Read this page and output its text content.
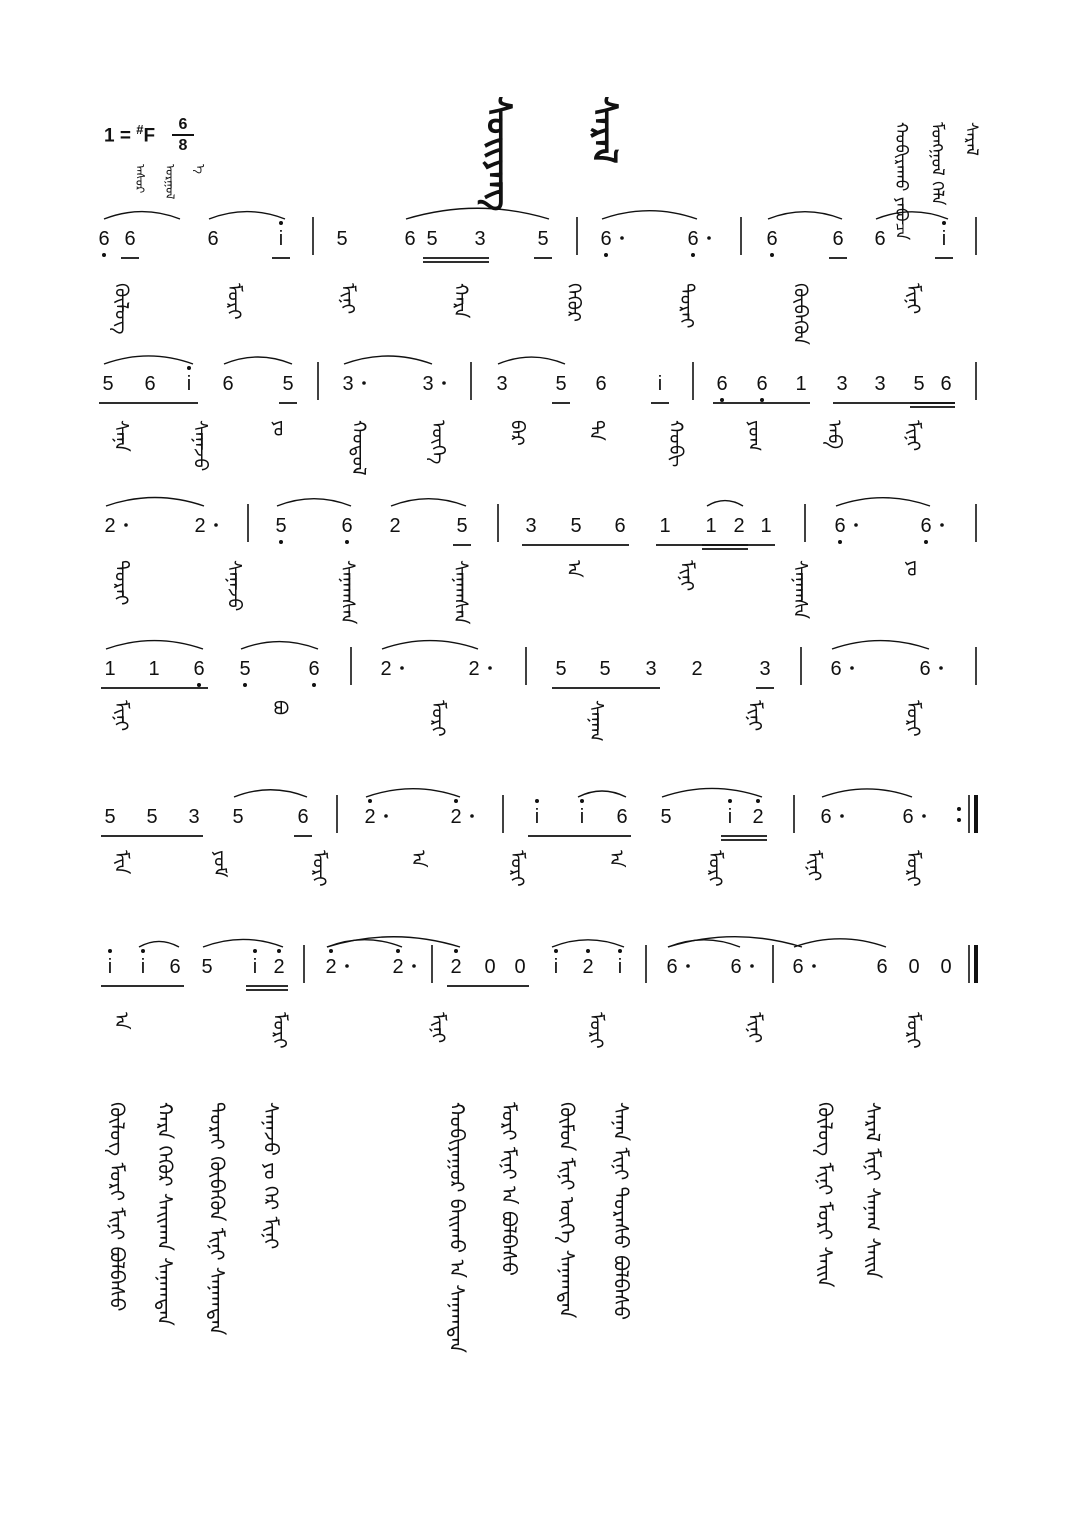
1 = #F
6
8
ᠠᠰᠤᠷ	ᠤᠷᠭᠤᠯ	ᠡ	ᠰᠤᠢᠶᠠᠩ ᠰᠠᠷᠠᠯ	ᠰᠠᠷᠠᠯ
ᠮᠣᠩᠭᠤᠯ ᠬᠡᠯᠡ
ᠬᠤᠪᠢᠷᠠᠬᠤ ᠶᠠᠪᠤᠴᠠ
6 6	6	i	5	6 5 3	5	6	6	6	6 6	i
5 6 i 6 5 3	3	3 5 6	i	6 6 1 3 3 5 6
2	2	5	6 2	5	3 5 6 1 1 2 1	6	6
1 1 6 5	6	2	2	5 5 3 2	3	6	6
5 5 3 5	6	2	2	i i 6 5	i 2	6	6
i i 6 5 i 2 2	2 2 0 0 i 2 i 6	6	6	6 0 0
ᠬᠦᠯᠦᠭ	ᠮᠣᠷᠢ	ᠮᠢᠨᠢ	ᠬᠠᠷᠠ	ᠬᠡᠭᠦᠷ	ᠲᠤᠷᠠᠢ	ᠬᠦᠪᠡᠭᠦᠨ	ᠮᠢᠨᠢ
ᠰᠠᠨᠠ	ᠰᠠᠨᠠᠵᠤ	ᠶᠤ	ᠬᠤᠳᠤᠯ	ᠦᠭᠡ	ᠪᠡᠷ	ᠲᠠ	ᠬᠤᠪᠢ	ᠶᠤᠬ	ᠠᠪ	ᠮᠢᠨᠢ
ᠲᠤᠷᠠᠢ	ᠰᠠᠨᠠᠵᠤ	ᠰᠠᠨᠠᠭᠰᠠᠨ	ᠰᠠᠨᠠᠭᠰᠠᠨ	ᠠ	ᠮᠢᠨᠢ	ᠰᠠᠨᠠᠭᠰᠠ	ᠶᠤ
ᠮᠢᠨᠢ	ᠪᠣ	ᠮᠣᠷᠢ	ᠰᠠᠨᠠᠭ	ᠮᠢᠨᠢ	ᠮᠣᠷᠢ
ᠮᠢᠨ	ᠶᠤᠮ	ᠮᠣᠷᠢ	ᠠ	ᠮᠣᠷᠢ	ᠠ	ᠮᠣᠷᠢ	ᠮᠢᠨᠢ	ᠮᠣᠷᠢ
ᠠ	ᠮᠣᠷᠢ	ᠮᠢᠨᠢ	ᠮᠣᠷᠢ	ᠮᠢᠨᠢ	ᠮᠣᠷᠢ
ᠬᠦᠯᠦᠭ ᠮᠣᠷᠢ ᠮᠢᠨᠢ ᠪᠣᠯᠪᠠᠰᠤ	ᠬᠠᠷᠠ ᠬᠡᠭᠦᠷ ᠰᠠᠢᠬᠠᠨ ᠰᠠᠨᠠᠭᠳᠠᠨ	ᠲᠤᠷᠠᠢ ᠬᠦᠪᠡᠭᠦᠨ ᠮᠢᠨᠢ ᠰᠠᠨᠠᠭᠳᠠᠨ	ᠰᠠᠨᠠᠵᠤ ᠶᠤ ᠭᠡᠷ ᠮᠢᠨᠢ	ᠬᠣᠪᠢᠶᠠᠭᠤᠷ ᠪᠠᠢᠬᠤ ᠠ ᠰᠠᠨᠠᠭᠳᠠᠨ	ᠮᠣᠷᠢ ᠮᠢᠨᠢ ᠠ ᠪᠣᠯᠪᠠᠰᠤ	ᠬᠦᠮᠦᠨ ᠮᠢᠨᠢ ᠦᠭᠡ ᠰᠠᠨᠠᠭᠳᠠᠨ	ᠰᠠᠨᠠᠨ ᠮᠢᠨᠢ ᠳᠤᠷᠠᠰᠤ ᠪᠣᠯᠪᠠᠰᠤ	ᠬᠦᠯᠦᠭ ᠮᠢᠨᠢ ᠮᠣᠷᠢ ᠰᠠᠢᠨ	ᠰᠠᠷᠠᠯ ᠮᠢᠨᠢ ᠰᠠᠨᠠᠭ ᠰᠠᠢᠨ
